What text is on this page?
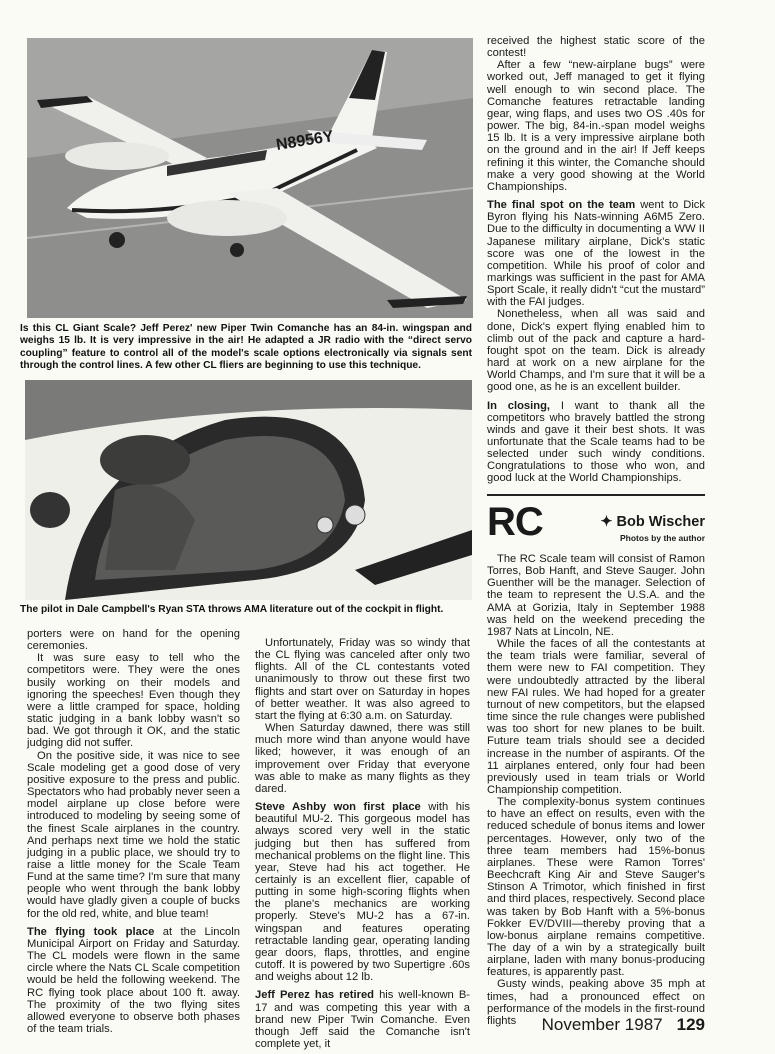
N8956Y
Is this CL Giant Scale? Jeff Perez' new Piper Twin Comanche has an 84-in. wingspan and weighs 15 lb. It is very impressive in the air! He adapted a JR radio with the “direct servo coupling” feature to control all of the model's scale options electronically via signals sent through the control lines. A few other CL fliers are beginning to use this technique.
The pilot in Dale Campbell's Ryan STA throws AMA literature out of the cockpit in flight.

porters were on hand for the opening ceremonies.

It was sure easy to tell who the competitors were. They were the ones busily working on their models and ignoring the speeches! Even though they were a little cramped for space, holding static judging in a bank lobby wasn't so bad. We got through it OK, and the static judging did not suffer.

On the positive side, it was nice to see Scale modeling get a good dose of very positive exposure to the press and public. Spectators who had probably never seen a model airplane up close before were introduced to modeling by seeing some of the finest Scale airplanes in the country. And perhaps next time we hold the static judging in a public place, we should try to raise a little money for the Scale Team Fund at the same time? I'm sure that many people who went through the bank lobby would have gladly given a couple of bucks for the old red, white, and blue team!

The flying took place at the Lincoln Municipal Airport on Friday and Saturday. The CL models were flown in the same circle where the Nats CL Scale competition would be held the following weekend. The RC flying took place about 100 ft. away. The proximity of the two flying sites allowed everyone to observe both phases of the team trials.

Unfortunately, Friday was so windy that the CL flying was canceled after only two flights. All of the CL contestants voted unanimously to throw out these first two flights and start over on Saturday in hopes of better weather. It was also agreed to start the flying at 6:30 a.m. on Saturday.

When Saturday dawned, there was still much more wind than anyone would have liked; however, it was enough of an improvement over Friday that everyone was able to make as many flights as they dared.

Steve Ashby won first place with his beautiful MU-2. This gorgeous model has always scored very well in the static judging but then has suffered from mechanical problems on the flight line. This year, Steve had his act together. He certainly is an excellent flier, capable of putting in some high-scoring flights when the plane's mechanics are working properly. Steve's MU-2 has a 67-in. wingspan and features operating retractable landing gear, operating landing gear doors, flaps, throttles, and engine cutoff. It is powered by two Supertigre .60s and weighs about 12 lb.

Jeff Perez has retired his well-known B-17 and was competing this year with a brand new Piper Twin Comanche. Even though Jeff said the Comanche isn't complete yet, it

received the highest static score of the contest!

After a few “new-airplane bugs” were worked out, Jeff managed to get it flying well enough to win second place. The Comanche features retractable landing gear, wing flaps, and uses two OS .40s for power. The big, 84-in.-span model weighs 15 lb. It is a very impressive airplane both on the ground and in the air! If Jeff keeps refining it this winter, the Comanche should make a very good showing at the World Championships.

The final spot on the team went to Dick Byron flying his Nats-winning A6M5 Zero. Due to the difficulty in documenting a WW II Japanese military airplane, Dick's static score was one of the lowest in the competition. While his proof of color and markings was sufficient in the past for AMA Sport Scale, it really didn't “cut the mustard” with the FAI judges.

Nonetheless, when all was said and done, Dick's expert flying enabled him to climb out of the pack and capture a hard-fought spot on the team. Dick is already hard at work on a new airplane for the World Champs, and I'm sure that it will be a good one, as he is an excellent builder.

In closing, I want to thank all the competitors who bravely battled the strong winds and gave it their best shots. It was unfortunate that the Scale teams had to be selected under such windy conditions. Congratulations to those who won, and good luck at the World Championships.

RC	✦ Bob Wischer
Photos by the author

The RC Scale team will consist of Ramon Torres, Bob Hanft, and Steve Sauger. John Guenther will be the manager. Selection of the team to represent the U.S.A. and the AMA at Gorizia, Italy in September 1988 was held on the weekend preceding the 1987 Nats at Lincoln, NE.

While the faces of all the contestants at the team trials were familiar, several of them were new to FAI competition. They were undoubtedly attracted by the liberal new FAI rules. We had hoped for a greater turnout of new competitors, but the elapsed time since the rule changes were published was too short for new planes to be built. Future team trials should see a decided increase in the number of aspirants. Of the 11 airplanes entered, only four had been previously used in team trials or World Championship competition.

The complexity-bonus system continues to have an effect on results, even with the reduced schedule of bonus items and lower percentages. However, only two of the three team members had 15%-bonus airplanes. These were Ramon Torres' Beechcraft King Air and Steve Sauger's Stinson A Trimotor, which finished in first and third places, respectively. Second place was taken by Bob Hanft with a 5%-bonus Fokker EV/DVIII—thereby proving that a low-bonus airplane remains competitive. The day of a win by a strategically built airplane, laden with many bonus-producing features, is apparently past.

Gusty winds, peaking above 35 mph at times, had a pronounced effect on performance of the models in the first-round flights	November 1987 129
